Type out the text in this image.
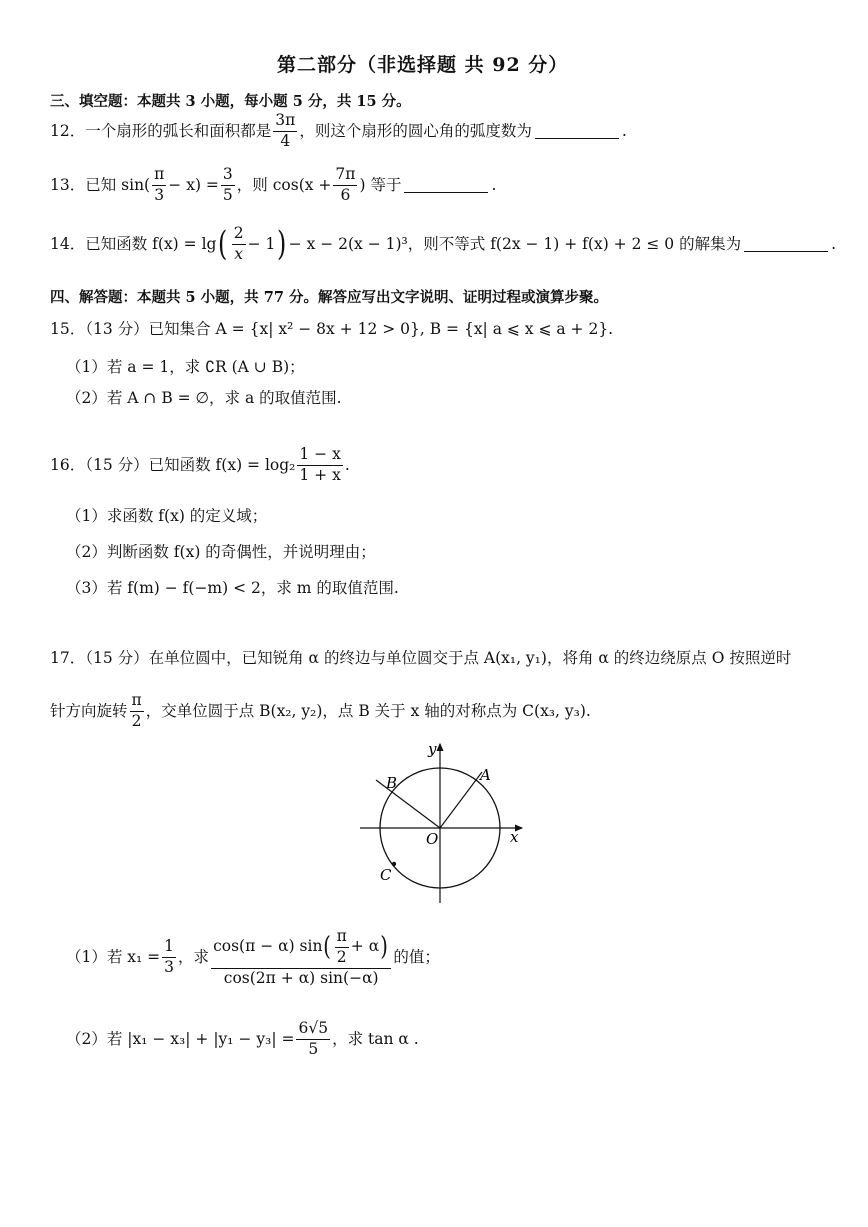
第二部分（非选择题 共 92 分）
三、填空题：本题共 3 小题，每小题 5 分，共 15 分。
12． 一个扇形的弧长和面积都是 $\frac{3\pi}{4}$ ，则这个扇形的圆心角的弧度数为	.
13． 已知 $\sin( \frac{\pi}{3} - x) = \frac{3}{5}$ ，则 $\cos(x + \frac{7\pi}{6}$ ) 等于	.
14． 已知函数 f(x) = lg ( $\frac{2}{x} - 1$ ) − x − 2(x − 1)³，则不等式 f(2x − 1) + f(x) + 2 ≤ 0 的解集为	.
四、解答题：本题共 5 小题，共 77 分。解答应写出文字说明、证明过程或演算步聚。
15．（13 分）已知集合 A = {x| x² − 8x + 12 > 0}, B = {x| a ⩽ x ⩽ a + 2}.
（1）若 a = 1，求 ∁R (A ∪ B)；
（2）若 A ∩ B = ∅，求 a 的取值范围.
16．（15 分）已知函数 $f(x) = \log_2 \frac{1 - x}{1 + x}$ .
（1）求函数 f(x) 的定义域；
（2）判断函数 f(x) 的奇偶性，并说明理由；
（3）若 f(m) − f(−m) < 2，求 m 的取值范围.
17．（15 分）在单位圆中，已知锐角 α 的终边与单位圆交于点 A(x₁, y₁)，将角 α 的终边绕原点 O 按照逆时
针方向旋转 $\frac{\pi}{2}$ ，交单位圆于点 B(x₂, y₂)，点 B 关于 x 轴的对称点为 C(x₃, y₃).
y
x
O
A
B
C
（1）若 $x_1 = \frac{1}{3}$ ，求
cos(π − α) sin ( $\frac{\pi}{2} + \alpha$ )
cos(2π + α) sin(−α)
的值；
（2）若 $|x_1 - x_3| + |y_1 - y_3| = \frac{6√5}{5}$ ，求 tan α .
